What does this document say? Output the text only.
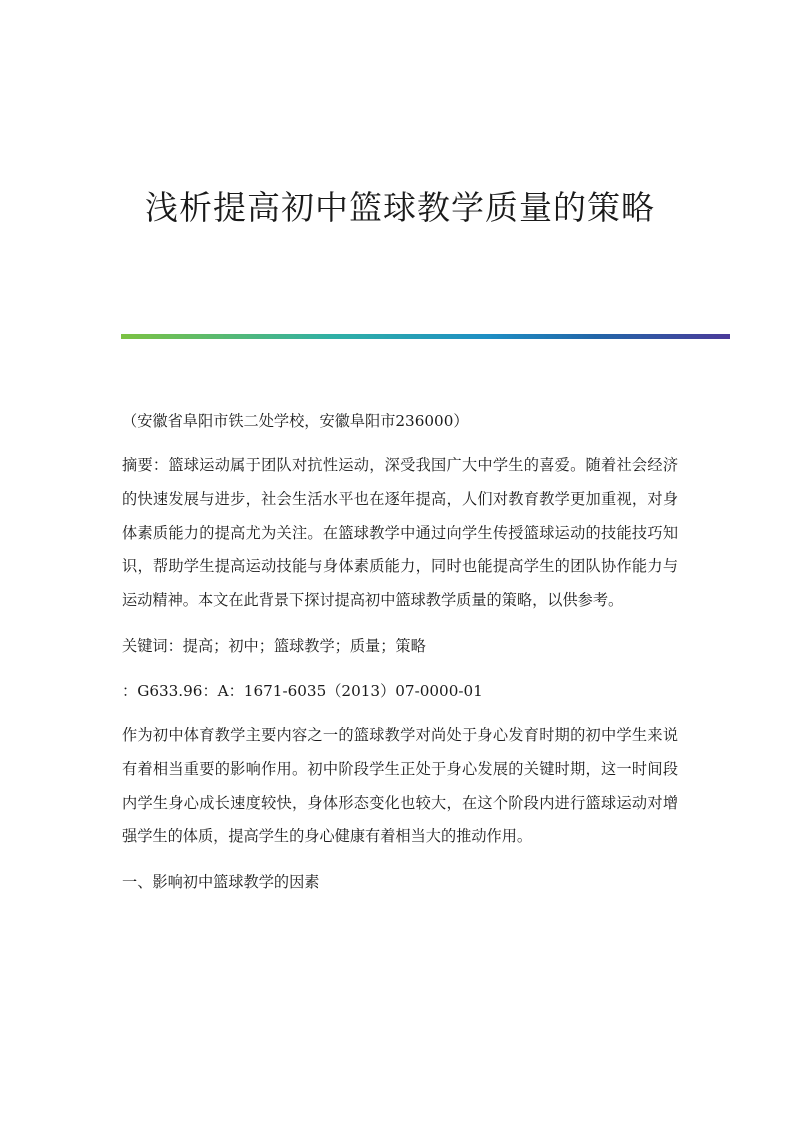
浅析提高初中篮球教学质量的策略

（安徽省阜阳市铁二处学校，安徽阜阳市236000）

摘要：篮球运动属于团队对抗性运动，深受我国广大中学生的喜爱。随着社会经济的快速发展与进步，社会生活水平也在逐年提高，人们对教育教学更加重视，对身体素质能力的提高尤为关注。在篮球教学中通过向学生传授篮球运动的技能技巧知识，帮助学生提高运动技能与身体素质能力，同时也能提高学生的团队协作能力与运动精神。本文在此背景下探讨提高初中篮球教学质量的策略，以供参考。

关键词：提高；初中；篮球教学；质量；策略

：G633.96：A：1671-6035（2013）07-0000-01

作为初中体育教学主要内容之一的篮球教学对尚处于身心发育时期的初中学生来说有着相当重要的影响作用。初中阶段学生正处于身心发展的关键时期，这一时间段内学生身心成长速度较快，身体形态变化也较大，在这个阶段内进行篮球运动对增强学生的体质，提高学生的身心健康有着相当大的推动作用。

一、影响初中篮球教学的因素
